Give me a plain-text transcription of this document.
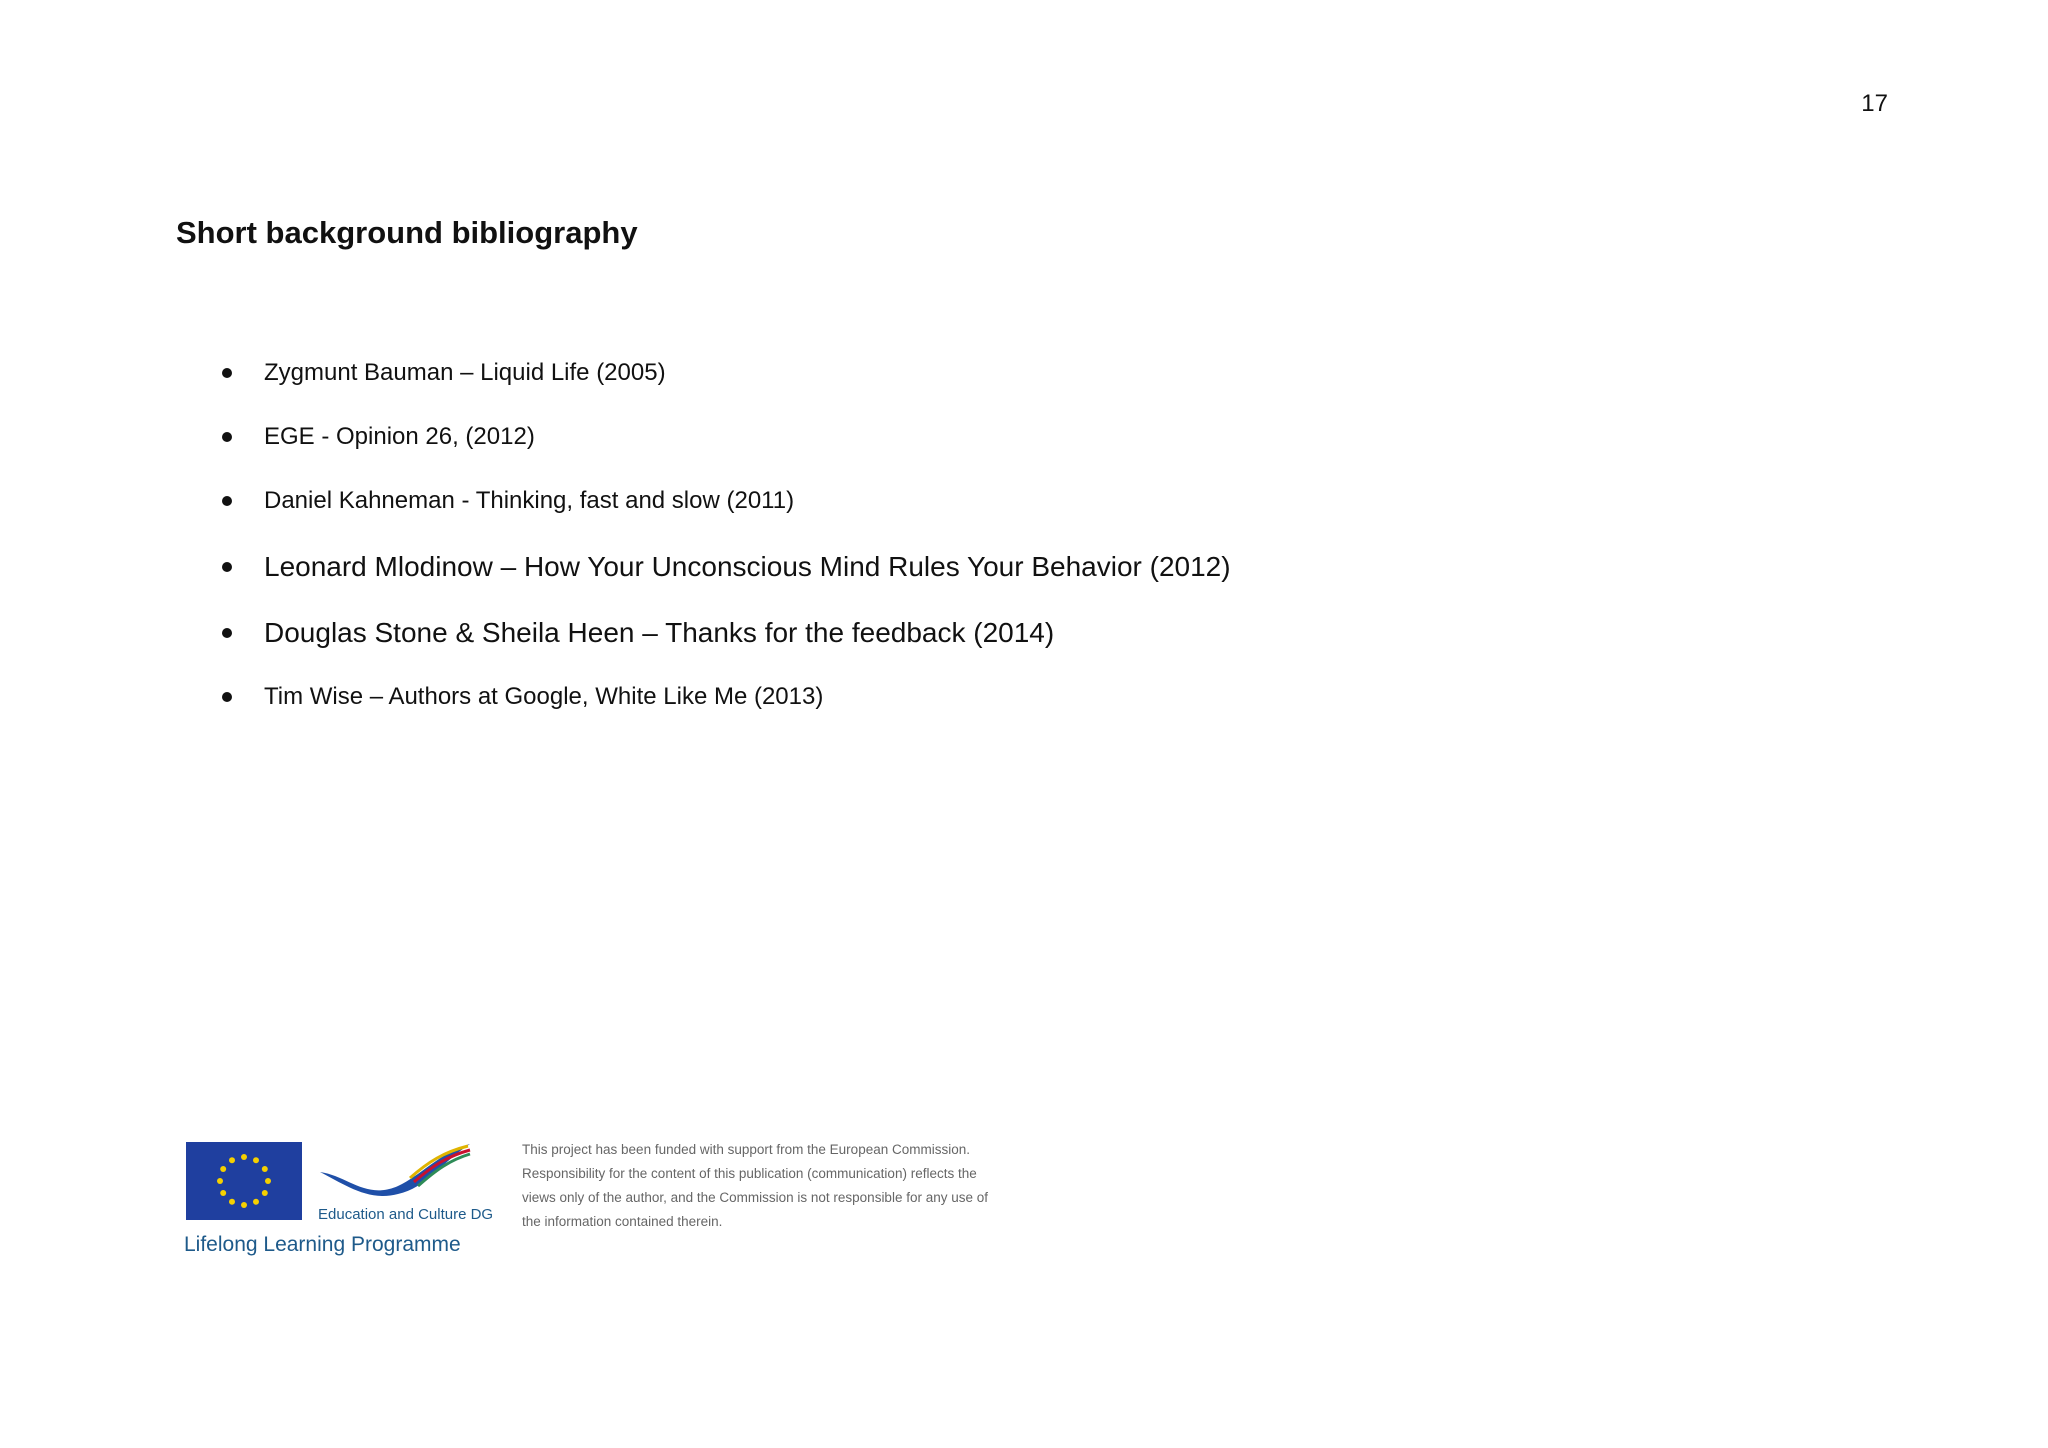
17
Short background bibliography
Zygmunt Bauman – Liquid Life (2005)
EGE - Opinion 26, (2012)
Daniel Kahneman - Thinking, fast and slow (2011)
Leonard Mlodinow – How Your Unconscious Mind Rules Your Behavior (2012)
Douglas Stone & Sheila Heen – Thanks for the feedback (2014)
Tim Wise – Authors at Google, White Like Me (2013)
Education and Culture DG
Lifelong Learning Programme

This project has been funded with support from the European Commission. Responsibility for the content of this publication (communication) reflects the views only of the author, and the Commission is not responsible for any use of the information contained therein.
